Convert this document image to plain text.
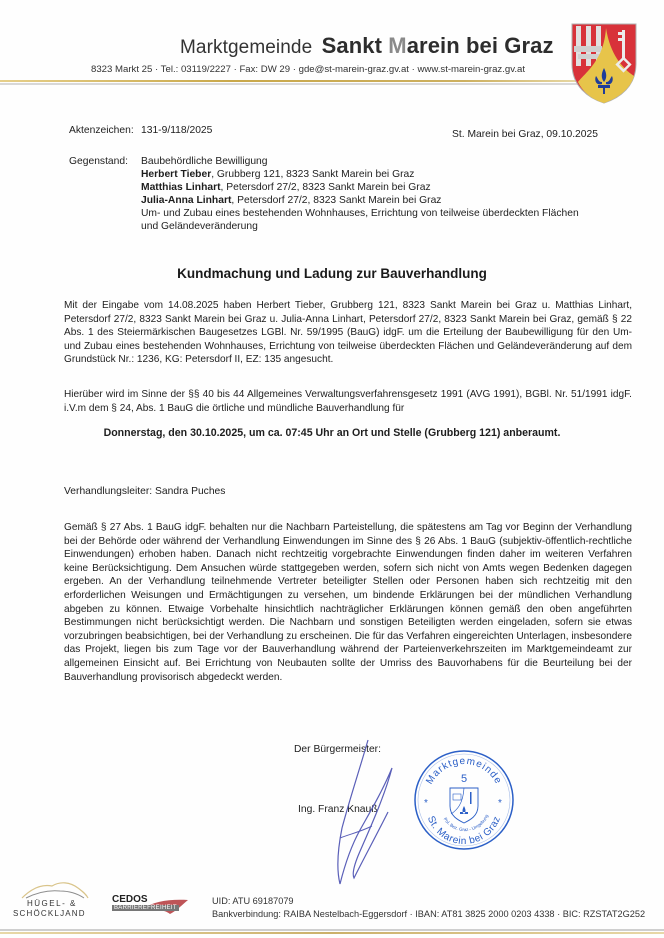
Marktgemeinde Sankt Marein bei Graz
8323 Markt 25 · Tel.: 03119/2227 · Fax: DW 29 · gde@st-marein-graz.gv.at · www.st-marein-graz.gv.at
Aktenzeichen: 131-9/118/2025	St. Marein bei Graz, 09.10.2025
Gegenstand: Baubehördliche Bewilligung
Herbert Tieber, Grubberg 121, 8323 Sankt Marein bei Graz
Matthias Linhart, Petersdorf 27/2, 8323 Sankt Marein bei Graz
Julia-Anna Linhart, Petersdorf 27/2, 8323 Sankt Marein bei Graz
Um- und Zubau eines bestehenden Wohnhauses, Errichtung von teilweise überdeckten Flächen
und Geländeveränderung
Kundmachung und Ladung zur Bauverhandlung
Mit der Eingabe vom 14.08.2025 haben Herbert Tieber, Grubberg 121, 8323 Sankt Marein bei Graz u. Matthias Linhart, Petersdorf 27/2, 8323 Sankt Marein bei Graz u. Julia-Anna Linhart, Petersdorf 27/2, 8323 Sankt Marein bei Graz, gemäß § 22 Abs. 1 des Steiermärkischen Baugesetzes LGBl. Nr. 59/1995 (BauG) idgF. um die Erteilung der Baubewilligung für den Um- und Zubau eines bestehenden Wohnhauses, Errichtung von teilweise überdeckten Flächen und Geländeveränderung auf dem Grundstück Nr.: 1236, KG: Petersdorf II, EZ: 135 angesucht.
Hierüber wird im Sinne der §§ 40 bis 44 Allgemeines Verwaltungsverfahrensgesetz 1991 (AVG 1991), BGBl. Nr. 51/1991 idgF. i.V.m dem § 24, Abs. 1 BauG die örtliche und mündliche Bauverhandlung für
Donnerstag, den 30.10.2025, um ca. 07:45 Uhr an Ort und Stelle (Grubberg 121) anberaumt.
Verhandlungsleiter: Sandra Puches
Gemäß § 27 Abs. 1 BauG idgF. behalten nur die Nachbarn Parteistellung, die spätestens am Tag vor Beginn der Verhandlung bei der Behörde oder während der Verhandlung Einwendungen im Sinne des § 26 Abs. 1 BauG (subjektiv-öffentlich-rechtliche Einwendungen) erhoben haben. Danach nicht rechtzeitig vorgebrachte Einwendungen finden daher im weiteren Verfahren keine Berücksichtigung. Dem Ansuchen würde stattgegeben werden, sofern sich nicht von Amts wegen Bedenken dagegen ergeben. An der Verhandlung teilnehmende Vertreter beteiligter Stellen oder Personen haben sich rechtzeitig mit den erforderlichen Weisungen und Ermächtigungen zu versehen, um bindende Erklärungen bei der mündlichen Verhandlung abgeben zu können. Etwaige Vorbehalte hinsichtlich nachträglicher Erklärungen können gemäß den oben angeführten Bestimmungen nicht berücksichtigt werden. Die Nachbarn und sonstigen Beteiligten werden eingeladen, sofern sie etwas vorzubringen beabsichtigen, bei der Verhandlung zu erscheinen. Die für das Verfahren eingereichten Unterlagen, insbesondere das Projekt, liegen bis zum Tage vor der Bauverhandlung während der Parteienverkehrszeiten im Marktgemeindeamt zur allgemeinen Einsicht auf. Bei Errichtung von Neubauten sollte der Umriss des Bauvorhabens für die Beurteilung bei der Bauverhandlung provisorisch abgedeckt werden.
Der Bürgermeister:
Ing. Franz Knauß
Marktgemeinde
5
*	*
Pol. Bez. Graz - Umgebung
St. Marein bei Graz
HÜGEL- &
SCHÖCKLJAND
CEDOS
BARRIEREFREIHEIT
UID: ATU 69187079
Bankverbindung: RAIBA Nestelbach-Eggersdorf · IBAN: AT81 3825 2000 0203 4338 · BIC: RZSTAT2G252
